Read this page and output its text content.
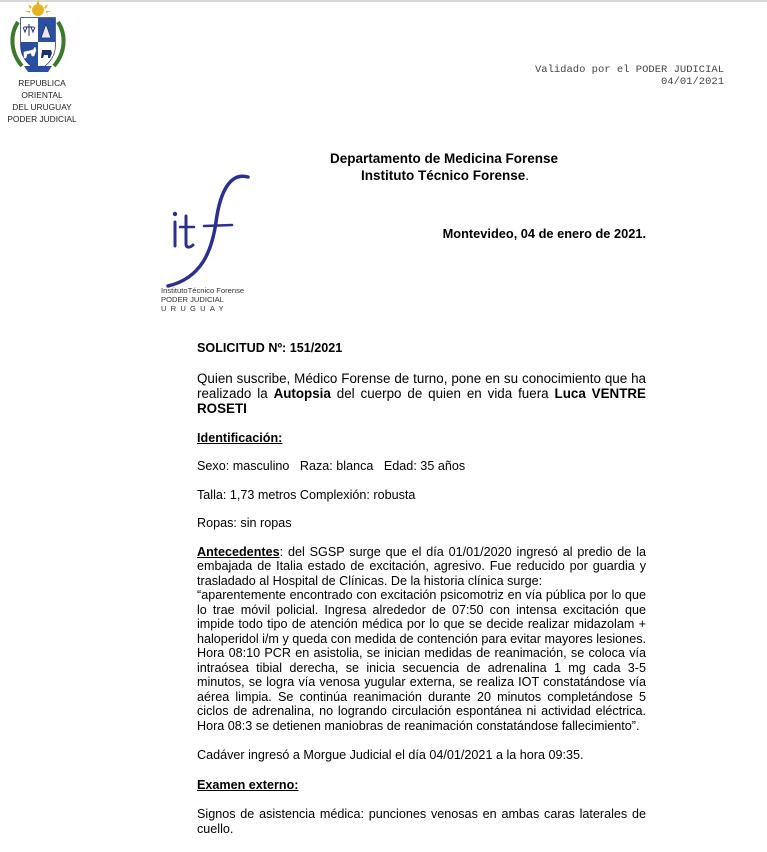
REPUBLICA ORIENTAL
DEL URUGUAY
PODER JUDICIAL
Validado por el PODER JUDICIAL
04/01/2021
Departamento de Medicina Forense
Instituto Técnico Forense.
InstitutoTécnico Forense
PODER JUDICIAL
URUGUAY
Montevideo, 04 de enero de 2021.

SOLICITUD Nº: 151/2021

Quien suscribe, Médico Forense de turno, pone en su conocimiento que ha realizado la Autopsia del cuerpo de quien en vida fuera Luca VENTRE ROSETI

Identificación:

Sexo: masculino   Raza: blanca   Edad: 35 años

Talla: 1,73 metros Complexión: robusta

Ropas: sin ropas

Antecedentes: del SGSP surge que el día 01/01/2020 ingresó al predio de la embajada de Italia estado de excitación, agresivo. Fue reducido por guardia y trasladado al Hospital de Clínicas. De la historia clínica surge:

“aparentemente encontrado con excitación psicomotriz en vía pública por lo que lo trae móvil policial. Ingresa alrededor de 07:50 con intensa excitación que impide todo tipo de atención médica por lo que se decide realizar midazolam + haloperidol i/m y queda con medida de contención para evitar mayores lesiones. Hora 08:10 PCR en asistolia, se inician medidas de reanimación, se coloca vía intraósea tibial derecha, se inicia secuencia de adrenalina 1 mg cada 3-5 minutos, se logra vía venosa yugular externa, se realiza IOT constatándose vía aérea limpia. Se continúa reanimación durante 20 minutos completándose 5 ciclos de adrenalina, no logrando circulación espontánea ni actividad eléctrica. Hora 08:3 se detienen maniobras de reanimación constatándose fallecimiento”.

Cadáver ingresó a Morgue Judicial el día 04/01/2021 a la hora 09:35.

Examen externo:

Signos de asistencia médica: punciones venosas en ambas caras laterales de cuello.
